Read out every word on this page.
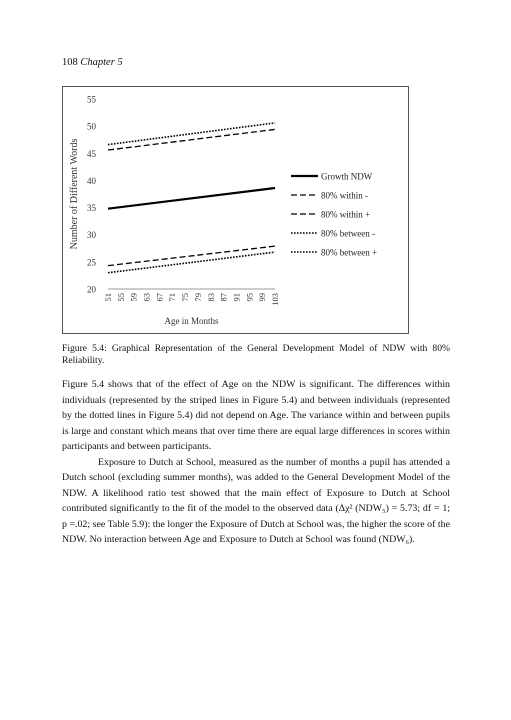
108 Chapter 5
20
25
30
35
40
45
50
55
51 55 59 63 67 71 75 79 83 87 91 95 99 103
Number of Different Words
Age in Months
Growth NDW
80% within -
80% within +
80% between -
80% between +
Figure 5.4: Graphical Representation of the General Development Model of NDW with 80% Reliability.

Figure 5.4 shows that of the effect of Age on the NDW is significant. The differences within individuals (represented by the striped lines in Figure 5.4) and between individuals (represented by the dotted lines in Figure 5.4) did not depend on Age. The variance within and between pupils is large and constant which means that over time there are equal large differences in scores within participants and between participants.

Exposure to Dutch at School, measured as the number of months a pupil has attended a Dutch school (excluding summer months), was added to the General Development Model of the NDW. A likelihood ratio test showed that the main effect of Exposure to Dutch at School contributed significantly to the fit of the model to the observed data (Δχ² (NDW₅) = 5.73; df = 1; p =.02; see Table 5.9): the longer the Exposure of Dutch at School was, the higher the score of the NDW. No interaction between Age and Exposure to Dutch at School was found (NDW₆).
